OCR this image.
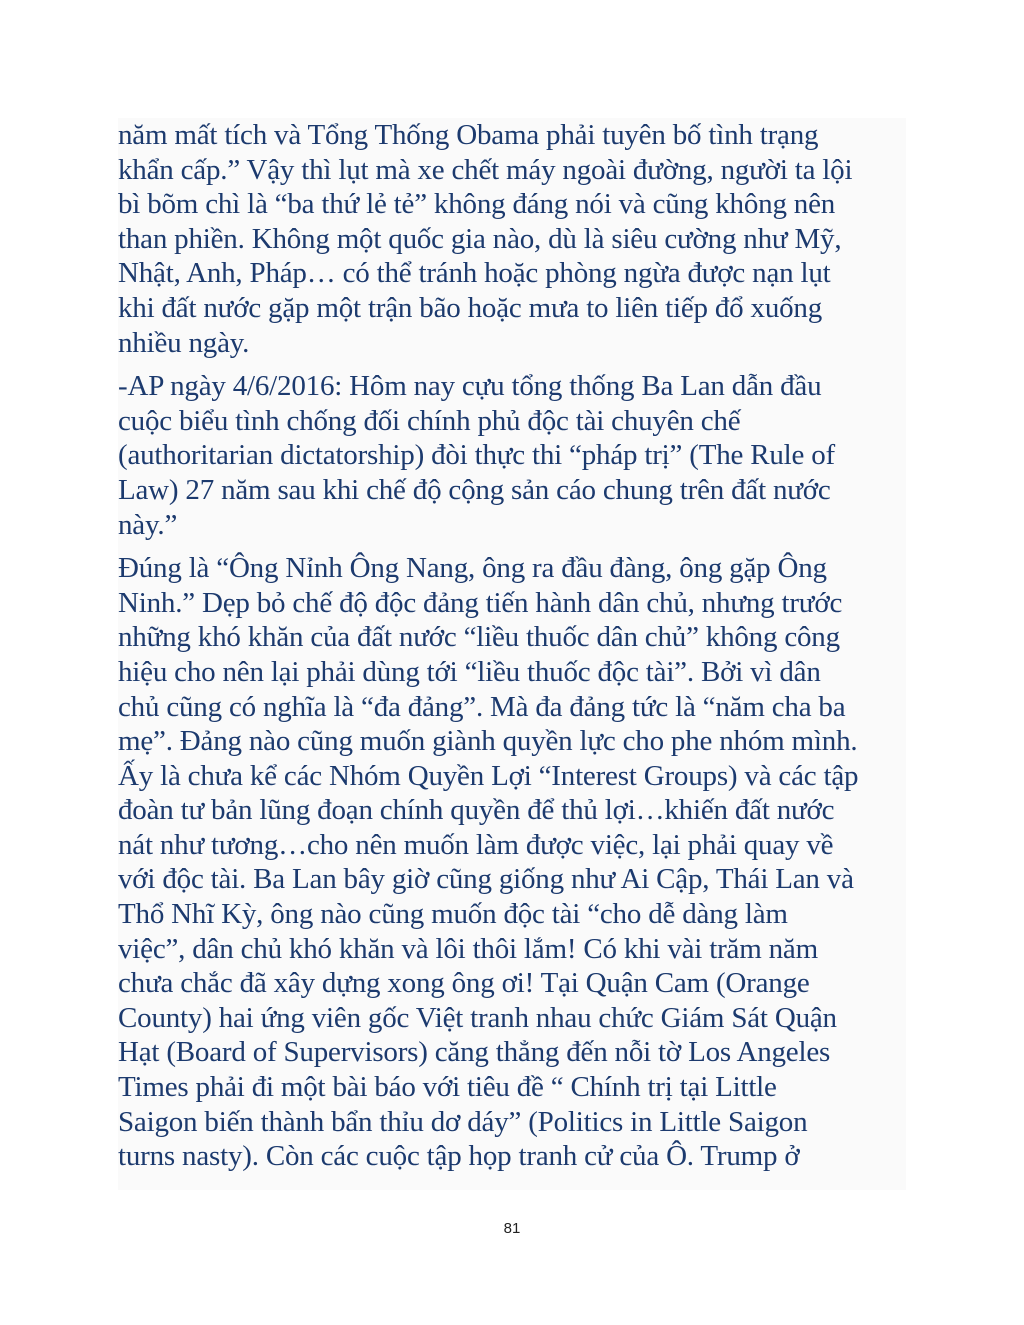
năm mất tích và Tổng Thống Obama phải tuyên bố tình trạng
khẩn cấp.” Vậy thì lụt mà xe chết máy ngoài đường, người ta lội
bì bõm chì là “ba thứ lẻ tẻ” không đáng nói và cũng không nên
than phiền. Không một quốc gia nào, dù là siêu cường như Mỹ,
Nhật, Anh, Pháp… có thể tránh hoặc phòng ngừa được nạn lụt
khi đất nước gặp một trận bão hoặc mưa to liên tiếp đổ xuống
nhiều ngày.
-AP ngày 4/6/2016: Hôm nay cựu tổng thống Ba Lan dẫn đầu
cuộc biểu tình chống đối chính phủ độc tài chuyên chế
(authoritarian dictatorship) đòi thực thi “pháp trị” (The Rule of
Law) 27 năm sau khi chế độ cộng sản cáo chung trên đất nước
này.”
Đúng là “Ông Nỉnh Ông Nang, ông ra đầu đàng, ông gặp Ông
Ninh.” Dẹp bỏ chế độ độc đảng tiến hành dân chủ, nhưng trước
những khó khăn của đất nước “liều thuốc dân chủ” không công
hiệu cho nên lại phải dùng tới “liều thuốc độc tài”. Bởi vì dân
chủ cũng có nghĩa là “đa đảng”. Mà đa đảng tức là “năm cha ba
mẹ”. Đảng nào cũng muốn giành quyền lực cho phe nhóm mình.
Ấy là chưa kể các Nhóm Quyền Lợi “Interest Groups) và các tập
đoàn tư bản lũng đoạn chính quyền để thủ lợi…khiến đất nước
nát như tương…cho nên muốn làm được việc, lại phải quay về
với độc tài. Ba Lan bây giờ cũng giống như Ai Cập, Thái Lan và
Thổ Nhĩ Kỳ, ông nào cũng muốn độc tài “cho dễ dàng làm
việc”, dân chủ khó khăn và lôi thôi lắm! Có khi vài trăm năm
chưa chắc đã xây dựng xong ông ơi! Tại Quận Cam (Orange
County) hai ứng viên gốc Việt tranh nhau chức Giám Sát Quận
Hạt (Board of Supervisors) căng thẳng đến nỗi tờ Los Angeles
Times phải đi một bài báo với tiêu đề “ Chính trị tại Little
Saigon biến thành bẩn thỉu dơ dáy” (Politics in Little Saigon
turns nasty). Còn các cuộc tập họp tranh cử của Ô. Trump ở
81
